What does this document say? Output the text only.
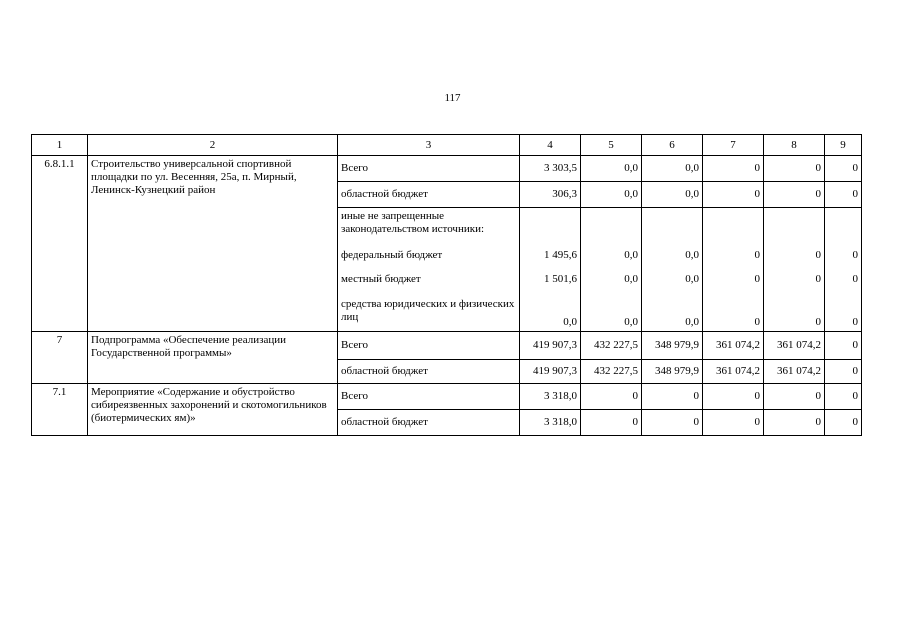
117
1	2	3	4	5	6	7	8	9
6.8.1.1	Строительство универсальной спортивной площадки по ул. Весенняя, 25а, п. Мирный, Ленинск-Кузнецкий район	Всего	3 303,5	0,0	0,0	0	0	0
		областной бюджет	306,3	0,0	0,0	0	0	0
		иные не запрещенные законодательством источники:						
		федеральный бюджет	1 495,6	0,0	0,0	0	0	0
		местный бюджет	1 501,6	0,0	0,0	0	0	0
		средства юридических и физических лиц	0,0	0,0	0,0	0	0	0
7	Подпрограмма «Обеспечение реализации Государственной программы»	Всего	419 907,3	432 227,5	348 979,9	361 074,2	361 074,2	0
		областной бюджет	419 907,3	432 227,5	348 979,9	361 074,2	361 074,2	0
7.1	Мероприятие «Содержание и обустройство сибиреязвенных захоронений и скотомогильников (биотермических ям)»	Всего	3 318,0	0	0	0	0	0
		областной бюджет	3 318,0	0	0	0	0	0
